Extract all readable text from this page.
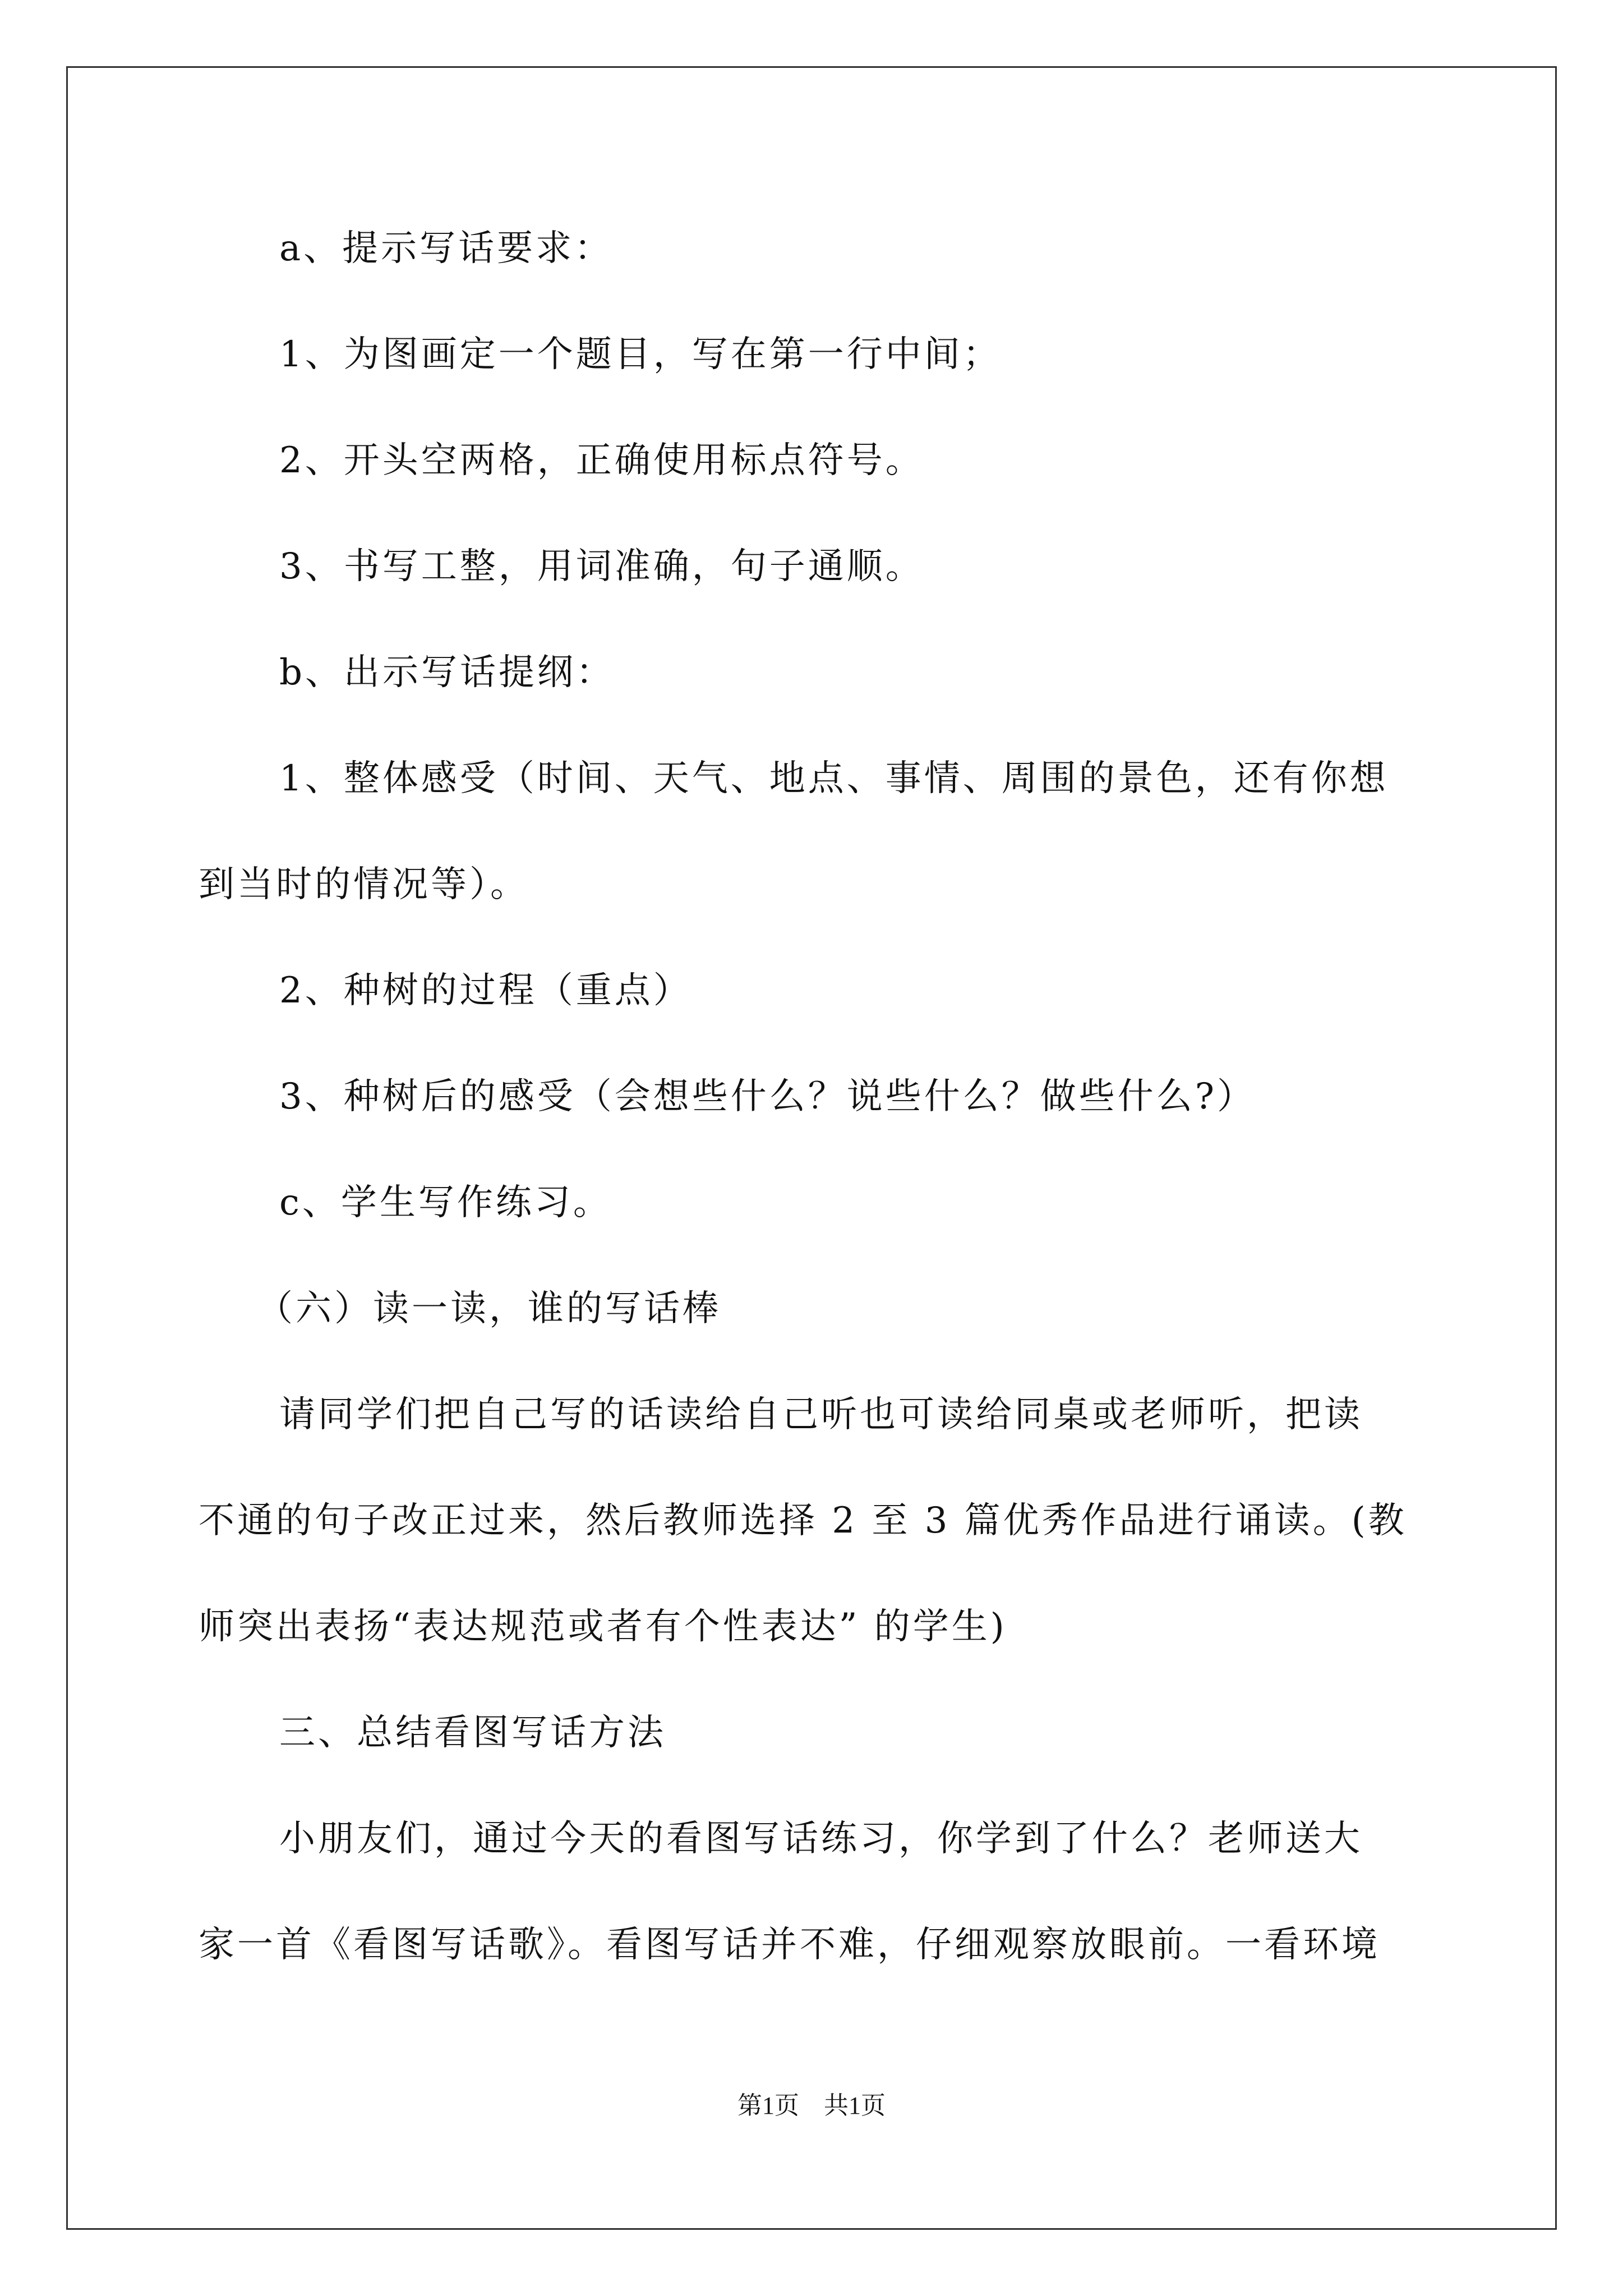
a、提示写话要求：
1、为图画定一个题目，写在第一行中间；
2、开头空两格，正确使用标点符号。
3、书写工整，用词准确，句子通顺。
b、出示写话提纲：
1、整体感受（时间、天气、地点、事情、周围的景色，还有你想
到当时的情况等）。
2、种树的过程（重点）
3、种树后的感受（会想些什么？说些什么？做些什么?）
c、学生写作练习。
（六）读一读，谁的写话棒
请同学们把自己写的话读给自己听也可读给同桌或老师听，把读
不通的句子改正过来，然后教师选择 2 至 3 篇优秀作品进行诵读。(教
师突出表扬“表达规范或者有个性表达” 的学生)
三、总结看图写话方法
小朋友们，通过今天的看图写话练习，你学到了什么？老师送大
家一首《看图写话歌》。看图写话并不难，仔细观察放眼前。一看环境
第1页　共1页
